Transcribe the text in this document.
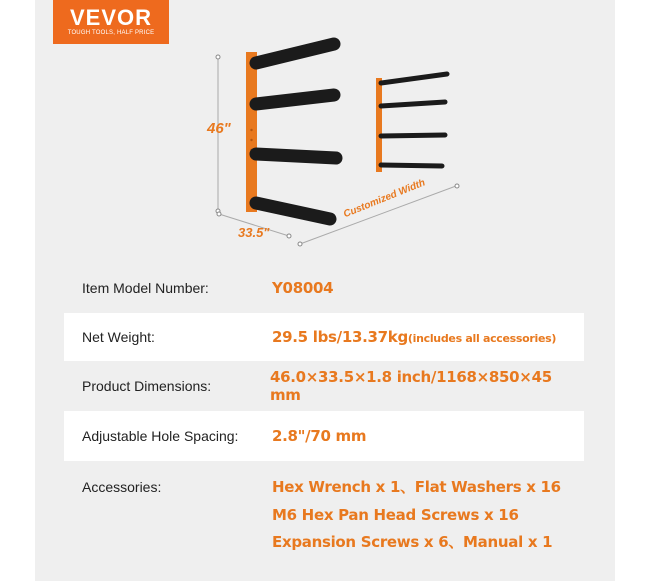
VEVOR
TOUGH TOOLS, HALF PRICE
46"
33.5"
Customized Width
Item Model Number:	Y08004
Net Weight:	29.5 lbs/13.37kg(includes all accessories)
Product Dimensions:	46.0×33.5×1.8 inch/1168×850×45 mm
Adjustable Hole Spacing:	2.8"/70 mm
Accessories:	Hex Wrench x 1、Flat Washers x 16
M6 Hex Pan Head Screws x 16
Expansion Screws x 6、Manual x 1
